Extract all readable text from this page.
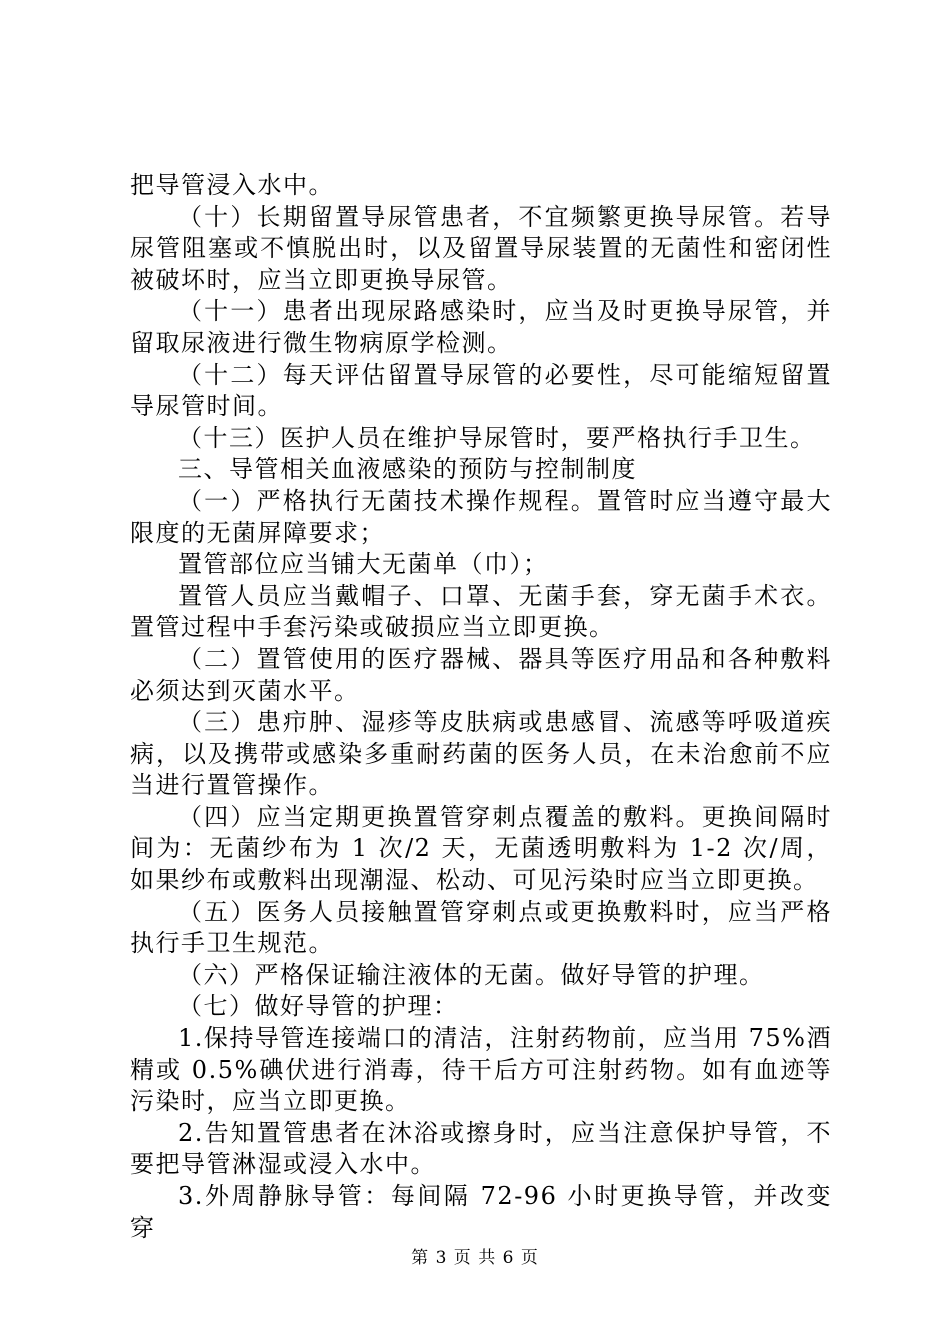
把导管浸入水中。

（十）长期留置导尿管患者，不宜频繁更换导尿管。若导尿管阻塞或不慎脱出时，以及留置导尿装置的无菌性和密闭性被破坏时，应当立即更换导尿管。

（十一）患者出现尿路感染时，应当及时更换导尿管，并留取尿液进行微生物病原学检测。

（十二）每天评估留置导尿管的必要性，尽可能缩短留置导尿管时间。

（十三）医护人员在维护导尿管时，要严格执行手卫生。

三、导管相关血液感染的预防与控制制度

（一）严格执行无菌技术操作规程。置管时应当遵守最大限度的无菌屏障要求；

置管部位应当铺大无菌单（巾）；

置管人员应当戴帽子、口罩、无菌手套，穿无菌手术衣。置管过程中手套污染或破损应当立即更换。

（二）置管使用的医疗器械、器具等医疗用品和各种敷料必须达到灭菌水平。

（三）患疖肿、湿疹等皮肤病或患感冒、流感等呼吸道疾病，以及携带或感染多重耐药菌的医务人员，在未治愈前不应当进行置管操作。

（四）应当定期更换置管穿刺点覆盖的敷料。更换间隔时间为：无菌纱布为 1 次/2 天，无菌透明敷料为 1-2 次/周，如果纱布或敷料出现潮湿、松动、可见污染时应当立即更换。

（五）医务人员接触置管穿刺点或更换敷料时，应当严格执行手卫生规范。

（六）严格保证输注液体的无菌。做好导管的护理。

（七）做好导管的护理：

1.保持导管连接端口的清洁，注射药物前，应当用 75%酒精或 0.5%碘伏进行消毒，待干后方可注射药物。如有血迹等污染时，应当立即更换。

2.告知置管患者在沐浴或擦身时，应当注意保护导管，不要把导管淋湿或浸入水中。

3.外周静脉导管：每间隔 72-96 小时更换导管，并改变穿

第 3 页 共 6 页
